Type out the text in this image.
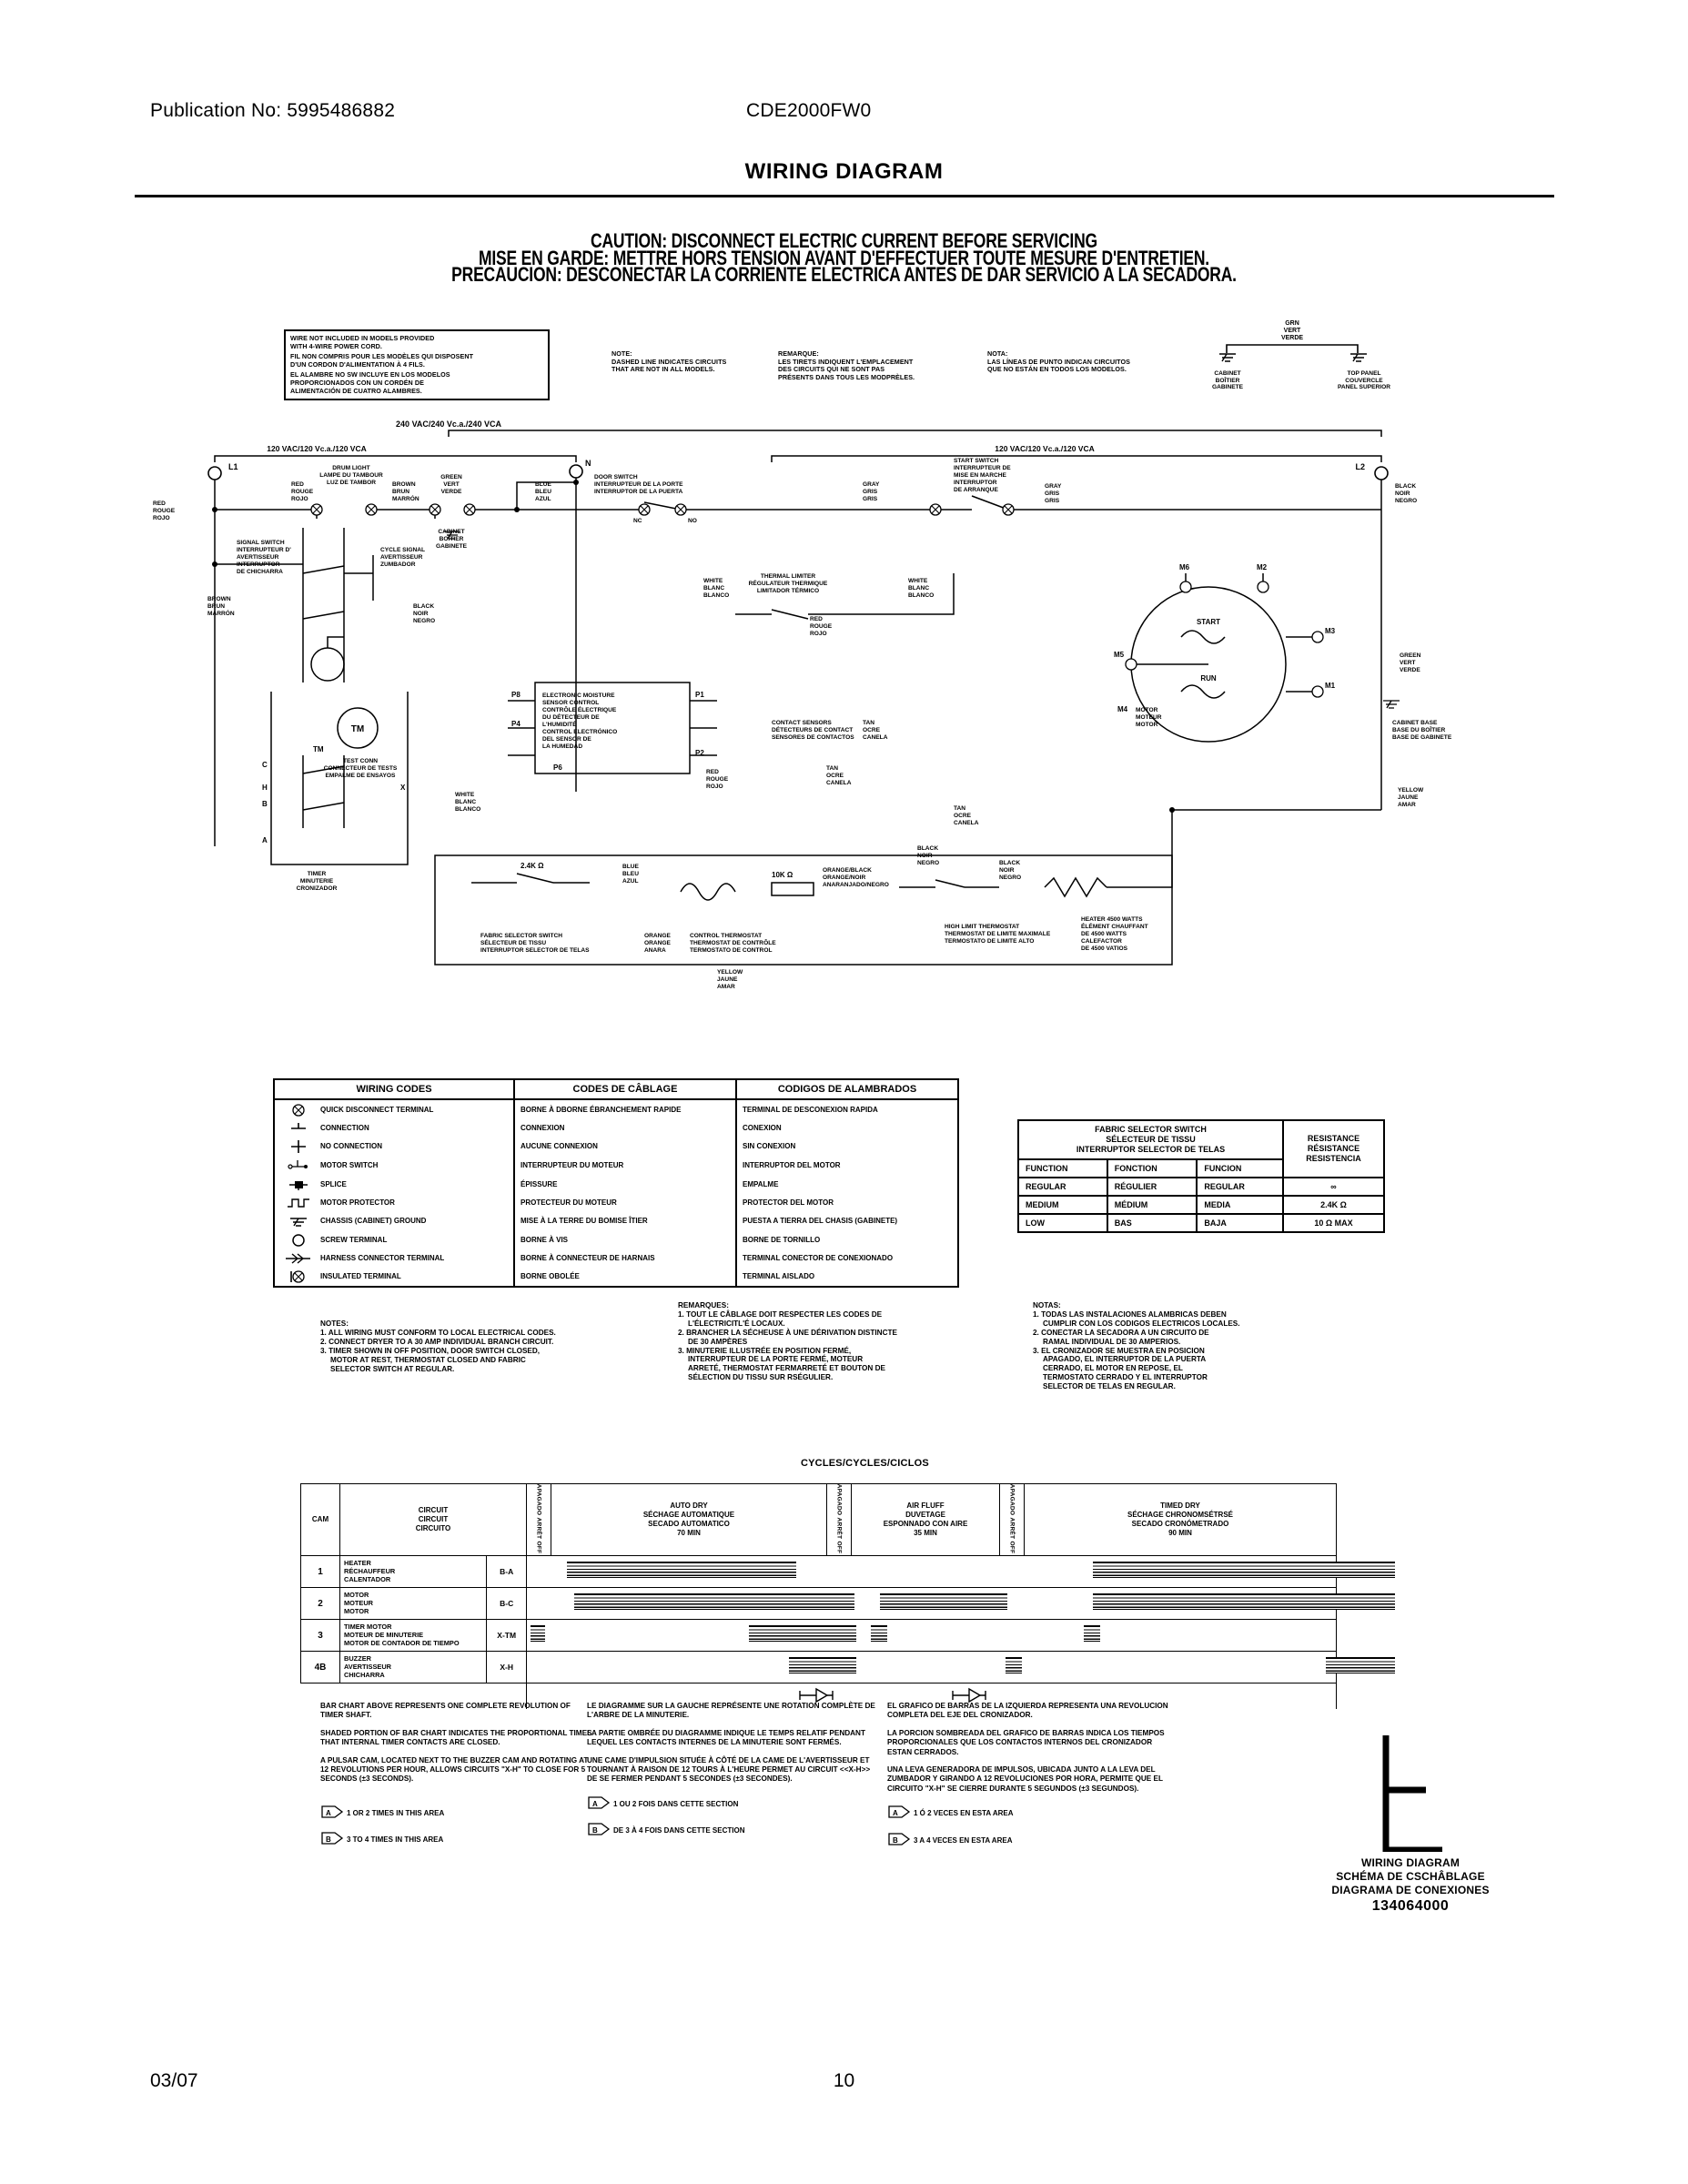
Publication No: 5995486882	CDE2000FW0
WIRING DIAGRAM
CAUTION: DISCONNECT ELECTRIC CURRENT BEFORE SERVICING
MISE EN GARDE: METTRE HORS TENSION AVANT D'EFFECTUER TOUTE MESURE D'ENTRETIEN.
PRECAUCION: DESCONECTAR LA CORRIENTE ELECTRICA ANTES DE DAR SERVICIO A LA SECADORA.
WIRE NOT INCLUDED IN MODELS PROVIDED
WITH 4-WIRE POWER CORD.
FIL NON COMPRIS POUR LES MODÈLES QUI DISPOSENT
D'UN CORDON D'ALIMENTATION À 4 FILS.
EL ALAMBRE NO SW INCLUYE EN LOS MODELOS
PROPORCIONADOS CON UN CORDÉN DE
ALIMENTACIÓN DE CUATRO ALAMBRES.
NOTE:
DASHED LINE INDICATES CIRCUITS
THAT ARE NOT IN ALL MODELS.
REMARQUE:
LES TIRETS INDIQUENT L'EMPLACEMENT
DES CIRCUITS QUI NE SONT PAS
PRÉSENTS DANS TOUS LES MODPRÈLES.
NOTA:
LAS LÍNEAS DE PUNTO INDICAN CIRCUITOS
QUE NO ESTÁN EN TODOS LOS MODELOS.
GRN
VERT
VERDE
CABINET
BOÎTIER
GABINETE
TOP PANEL
COUVERCLE
PANEL SUPERIOR
240 VAC/240 Vc.a./240 VCA
120 VAC/120 Vc.a./120 VCA	120 VAC/120 Vc.a./120 VCA
L1	N	L2
RED
ROUGE
ROJO
RED
ROUGE
ROJO
DRUM LIGHT
LAMPE DU TAMBOUR
LUZ DE TAMBOR	BROWN
BRUN
MARRÓN
GREEN
VERT
VERDE
CABINET
BOÎTIER
GABINETE
BLUE
BLEU
AZUL
DOOR SWITCH
INTERRUPTEUR DE LA PORTE
INTERRUPTOR DE LA PUERTA
NC	NO
GRAY
GRIS
GRIS
START SWITCH
INTERRUPTEUR DE
MISE EN MARCHE
INTERRUPTOR
DE ARRANQUE
GRAY
GRIS
GRIS
BLACK
NOIR
NEGRO
SIGNAL SWITCH
INTERRUPTEUR D'
AVERTISSEUR
INTERRUPTOR
DE CHICHARRA
CYCLE SIGNAL
AVERTISSEUR
ZUMBADOR
BROWN
BRUN
MARRÓN
BLACK
NOIR
NEGRO
WHITE
BLANC
BLANCO
THERMAL LIMITER
RÉGULATEUR THERMIQUE
LIMITADOR TÉRMICO
WHITE
BLANC
BLANCO
RED
ROUGE
ROJO
ELECTRONIC MOISTURE
SENSOR CONTROL
CONTRÔLE ÉLECTRIQUE
DU DÉTECTEUR DE
L'HUMIDITÉ
CONTROL ELECTRÓNICO
DEL SENSOR DE
LA HUMEDAD
TEST CONN
CONNECTEUR DE TESTS
EMPALME DE ENSAYOS
TM
WHITE
BLANC
BLANCO
RED
ROUGE
ROJO
CONTACT SENSORS
DÉTECTEURS DE CONTACT
SENSORES DE CONTACTOS
TAN
OCRE
CANELA
TAN
OCRE
CANELA
TAN
OCRE
CANELA
MOTOR
MOTEUR
MOTOR
START
RUN
GREEN
VERT
VERDE
CABINET BASE
BASE DU BOÎTIER
BASE DE GABINETE
YELLOW
JAUNE
AMAR
FABRIC SELECTOR SWITCH
SÉLECTEUR DE TISSU
INTERRUPTOR SELECTOR DE TELAS
2.4K Ω	BLUE
BLEU
AZUL
ORANGE
ORANGE
ANARA
CONTROL THERMOSTAT
THERMOSTAT DE CONTRÔLE
TERMOSTATO DE CONTROL
10K Ω
ORANGE/BLACK
ORANGE/NOIR
ANARANJADO/NEGRO
BLACK
NOIR
NEGRO	BLACK
NOIR
NEGRO
HIGH LIMIT THERMOSTAT
THERMOSTAT DE LIMITE MAXIMALE
TERMOSTATO DE LIMITE ALTO
HEATER 4500 WATTS
ÉLÉMENT CHAUFFANT
DE 4500 WATTS
CALEFACTOR
DE 4500 VATIOS
YELLOW
JAUNE
AMAR
TIMER
MINUTERIE
CRONIZADOR
C
A
B
H	X
TM
P8
P4
P6
P1
P2
M6	M2
M5
M4
M3
M1
WIRING CODES		CODES DE CÂBLAGE	CODIGOS DE ALAMBRADOS
	QUICK DISCONNECT TERMINAL	BORNE À DBORNE ÉBRANCHEMENT RAPIDE	TERMINAL DE DESCONEXION RAPIDA
	CONNECTION	CONNEXION	CONEXION
	NO CONNECTION	AUCUNE CONNEXION	SIN CONEXION
	MOTOR SWITCH	INTERRUPTEUR DU MOTEUR	INTERRUPTOR DEL MOTOR
	SPLICE	ÉPISSURE	EMPALME
	MOTOR PROTECTOR	PROTECTEUR DU MOTEUR	PROTECTOR DEL MOTOR
	CHASSIS (CABINET) GROUND	MISE À LA TERRE DU BOMISE ÎTIER	PUESTA A TIERRA DEL CHASIS (GABINETE)
	SCREW TERMINAL	BORNE À VIS	BORNE DE TORNILLO
	HARNESS CONNECTOR TERMINAL	BORNE À CONNECTEUR DE HARNAIS	TERMINAL CONECTOR DE CONEXIONADO
	INSULATED TERMINAL	BORNE OBOLÉE	TERMINAL AISLADO
FABRIC SELECTOR SWITCH
SÉLECTEUR DE TISSU
INTERRUPTOR SELECTOR DE TELAS

RESISTANCE
RÉSISTANCE
RESISTENCIA

FUNCTION	FONCTION	FUNCION	
REGULAR	RÉGULIER	REGULAR	∞
MEDIUM	MÉDIUM	MEDIA	2.4K Ω
LOW	BAS	BAJA	10 Ω MAX
NOTES:
1. ALL WIRING MUST CONFORM TO LOCAL ELECTRICAL CODES.
2. CONNECT DRYER TO A 30 AMP INDIVIDUAL BRANCH CIRCUIT.
3. TIMER SHOWN IN OFF POSITION, DOOR SWITCH CLOSED,
MOTOR AT REST, THERMOSTAT CLOSED AND FABRIC
SELECTOR SWITCH AT REGULAR.
REMARQUES:
1. TOUT LE CÂBLAGE DOIT RESPECTER LES CODES DE
L'ÉLECTRICITL'É LOCAUX.
2. BRANCHER LA SÉCHEUSE À UNE DÉRIVATION DISTINCTE
DE 30 AMPÈRES
3. MINUTERIE ILLUSTRÉE EN POSITION FERMÉ,
INTERRUPTEUR DE LA PORTE FERMÉ, MOTEUR
ARRETÉ, THERMOSTAT FERMARRETÉ ET BOUTON DE
SÉLECTION DU TISSU SUR RSÉGULIER.
NOTAS:
1. TODAS LAS INSTALACIONES ALAMBRICAS DEBEN
CUMPLIR CON LOS CODIGOS ELECTRICOS LOCALES.
2. CONECTAR LA SECADORA A UN CIRCUITO DE
RAMAL INDIVIDUAL DE 30 AMPERIOS.
3. EL CRONIZADOR SE MUESTRA EN POSICION
APAGADO, EL INTERRUPTOR DE LA PUERTA
CERRADO, EL MOTOR EN REPOSE, EL
TERMOSTATO CERRADO Y EL INTERRUPTOR
SELECTOR DE TELAS EN REGULAR.
CYCLES/CYCLES/CICLOS
CAM	
CIRCUIT
CIRCUIT
CIRCUITO
	OFF ARRÊT APAGADO	AUTO DRY
SÉCHAGE AUTOMATIQUE
SECADO AUTOMATICO
70 MIN
	OFF ARRÊT APAGADO	AIR FLUFF
DUVETAGE
ESPONNADO CON AIRE
35 MIN
	OFF ARRÊT APAGADO	TIMED DRY
SÉCHAGE CHRONOMSÉTRSÉ
SECADO CRONÓMETRADO
90 MIN

1	HEATER
RÉCHAUFFEUR
CALENTADOR	B-A						

2	MOTOR
MOTEUR
MOTOR	B-C						

3	TIMER MOTOR
MOTEUR DE MINUTERIE
MOTOR DE CONTADOR DE TIEMPO	X-TM						

4B	BUZZER
AVERTISSEUR
CHICHARRA	X-H						

BAR CHART ABOVE REPRESENTS ONE COMPLETE REVOLUTION OF TIMER SHAFT.

SHADED PORTION OF BAR CHART INDICATES THE PROPORTIONAL TIMES THAT INTERNAL TIMER CONTACTS ARE CLOSED.

A PULSAR CAM, LOCATED NEXT TO THE BUZZER CAM AND ROTATING AT 12 REVOLUTIONS PER HOUR, ALLOWS CIRCUITS "X-H" TO CLOSE FOR 5 SECONDS (±3 SECONDS).

A 1 OR 2 TIMES IN THIS AREA
B 3 TO 4 TIMES IN THIS AREA

LE DIAGRAMME SUR LA GAUCHE REPRÉSENTE UNE ROTATION COMPLÈTE DE L'ARBRE DE LA MINUTERIE.

LA PARTIE OMBRÉE DU DIAGRAMME INDIQUE LE TEMPS RELATIF PENDANT LEQUEL LES CONTACTS INTERNES DE LA MINUTERIE SONT FERMÉS.

UNE CAME D'IMPULSION SITUÉE À CÔTÉ DE LA CAME DE L'AVERTISSEUR ET TOURNANT À RAISON DE 12 TOURS À L'HEURE PERMET AU CIRCUIT <<X-H>> DE SE FERMER PENDANT 5 SECONDES (±3 SECONDES).

A 1 OU 2 FOIS DANS CETTE SECTION
B DE 3 À 4 FOIS DANS CETTE SECTION

EL GRAFICO DE BARRAS DE LA IZQUIERDA REPRESENTA UNA REVOLUCION COMPLETA DEL EJE DEL CRONIZADOR.

LA PORCION SOMBREADA DEL GRAFICO DE BARRAS INDICA LOS TIEMPOS PROPORCIONALES QUE LOS CONTACTOS INTERNOS DEL CRONIZADOR ESTAN CERRADOS.

UNA LEVA GENERADORA DE IMPULSOS, UBICADA JUNTO A LA LEVA DEL ZUMBADOR Y GIRANDO A 12 REVOLUCIONES POR HORA, PERMITE QUE EL CIRCUITO "X-H" SE CIERRE DURANTE 5 SEGUNDOS (±3 SEGUNDOS).

A 1 Ó 2 VECES EN ESTA AREA
B 3 A 4 VECES EN ESTA AREA
WIRING DIAGRAM
SCHÉMA DE CSCHÂBLAGE
DIAGRAMA DE CONEXIONES
134064000
03/07	10
